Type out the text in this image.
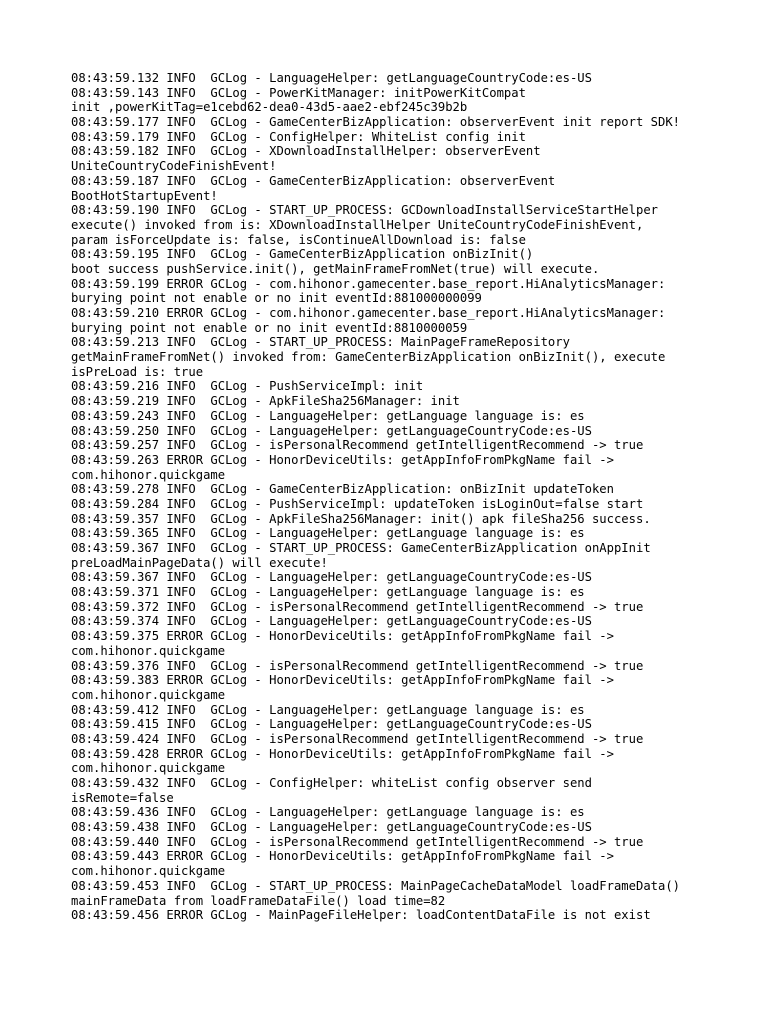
08:43:59.132 INFO  GCLog - LanguageHelper: getLanguageCountryCode:es-US
08:43:59.143 INFO  GCLog - PowerKitManager: initPowerKitCompat
init ,powerKitTag=e1cebd62-dea0-43d5-aae2-ebf245c39b2b
08:43:59.177 INFO  GCLog - GameCenterBizApplication: observerEvent init report SDK!
08:43:59.179 INFO  GCLog - ConfigHelper: WhiteList config init
08:43:59.182 INFO  GCLog - XDownloadInstallHelper: observerEvent
UniteCountryCodeFinishEvent!
08:43:59.187 INFO  GCLog - GameCenterBizApplication: observerEvent
BootHotStartupEvent!
08:43:59.190 INFO  GCLog - START_UP_PROCESS: GCDownloadInstallServiceStartHelper
execute() invoked from is: XDownloadInstallHelper UniteCountryCodeFinishEvent,
param isForceUpdate is: false, isContinueAllDownload is: false
08:43:59.195 INFO  GCLog - GameCenterBizApplication onBizInit()
boot success pushService.init(), getMainFrameFromNet(true) will execute.
08:43:59.199 ERROR GCLog - com.hihonor.gamecenter.base_report.HiAnalyticsManager:
burying point not enable or no init eventId:881000000099
08:43:59.210 ERROR GCLog - com.hihonor.gamecenter.base_report.HiAnalyticsManager:
burying point not enable or no init eventId:8810000059
08:43:59.213 INFO  GCLog - START_UP_PROCESS: MainPageFrameRepository
getMainFrameFromNet() invoked from: GameCenterBizApplication onBizInit(), execute
isPreLoad is: true
08:43:59.216 INFO  GCLog - PushServiceImpl: init
08:43:59.219 INFO  GCLog - ApkFileSha256Manager: init
08:43:59.243 INFO  GCLog - LanguageHelper: getLanguage language is: es
08:43:59.250 INFO  GCLog - LanguageHelper: getLanguageCountryCode:es-US
08:43:59.257 INFO  GCLog - isPersonalRecommend getIntelligentRecommend -> true
08:43:59.263 ERROR GCLog - HonorDeviceUtils: getAppInfoFromPkgName fail ->
com.hihonor.quickgame
08:43:59.278 INFO  GCLog - GameCenterBizApplication: onBizInit updateToken
08:43:59.284 INFO  GCLog - PushServiceImpl: updateToken isLoginOut=false start
08:43:59.357 INFO  GCLog - ApkFileSha256Manager: init() apk fileSha256 success.
08:43:59.365 INFO  GCLog - LanguageHelper: getLanguage language is: es
08:43:59.367 INFO  GCLog - START_UP_PROCESS: GameCenterBizApplication onAppInit
preLoadMainPageData() will execute!
08:43:59.367 INFO  GCLog - LanguageHelper: getLanguageCountryCode:es-US
08:43:59.371 INFO  GCLog - LanguageHelper: getLanguage language is: es
08:43:59.372 INFO  GCLog - isPersonalRecommend getIntelligentRecommend -> true
08:43:59.374 INFO  GCLog - LanguageHelper: getLanguageCountryCode:es-US
08:43:59.375 ERROR GCLog - HonorDeviceUtils: getAppInfoFromPkgName fail ->
com.hihonor.quickgame
08:43:59.376 INFO  GCLog - isPersonalRecommend getIntelligentRecommend -> true
08:43:59.383 ERROR GCLog - HonorDeviceUtils: getAppInfoFromPkgName fail ->
com.hihonor.quickgame
08:43:59.412 INFO  GCLog - LanguageHelper: getLanguage language is: es
08:43:59.415 INFO  GCLog - LanguageHelper: getLanguageCountryCode:es-US
08:43:59.424 INFO  GCLog - isPersonalRecommend getIntelligentRecommend -> true
08:43:59.428 ERROR GCLog - HonorDeviceUtils: getAppInfoFromPkgName fail ->
com.hihonor.quickgame
08:43:59.432 INFO  GCLog - ConfigHelper: whiteList config observer send
isRemote=false
08:43:59.436 INFO  GCLog - LanguageHelper: getLanguage language is: es
08:43:59.438 INFO  GCLog - LanguageHelper: getLanguageCountryCode:es-US
08:43:59.440 INFO  GCLog - isPersonalRecommend getIntelligentRecommend -> true
08:43:59.443 ERROR GCLog - HonorDeviceUtils: getAppInfoFromPkgName fail ->
com.hihonor.quickgame
08:43:59.453 INFO  GCLog - START_UP_PROCESS: MainPageCacheDataModel loadFrameData()
mainFrameData from loadFrameDataFile() load time=82
08:43:59.456 ERROR GCLog - MainPageFileHelper: loadContentDataFile is not exist
